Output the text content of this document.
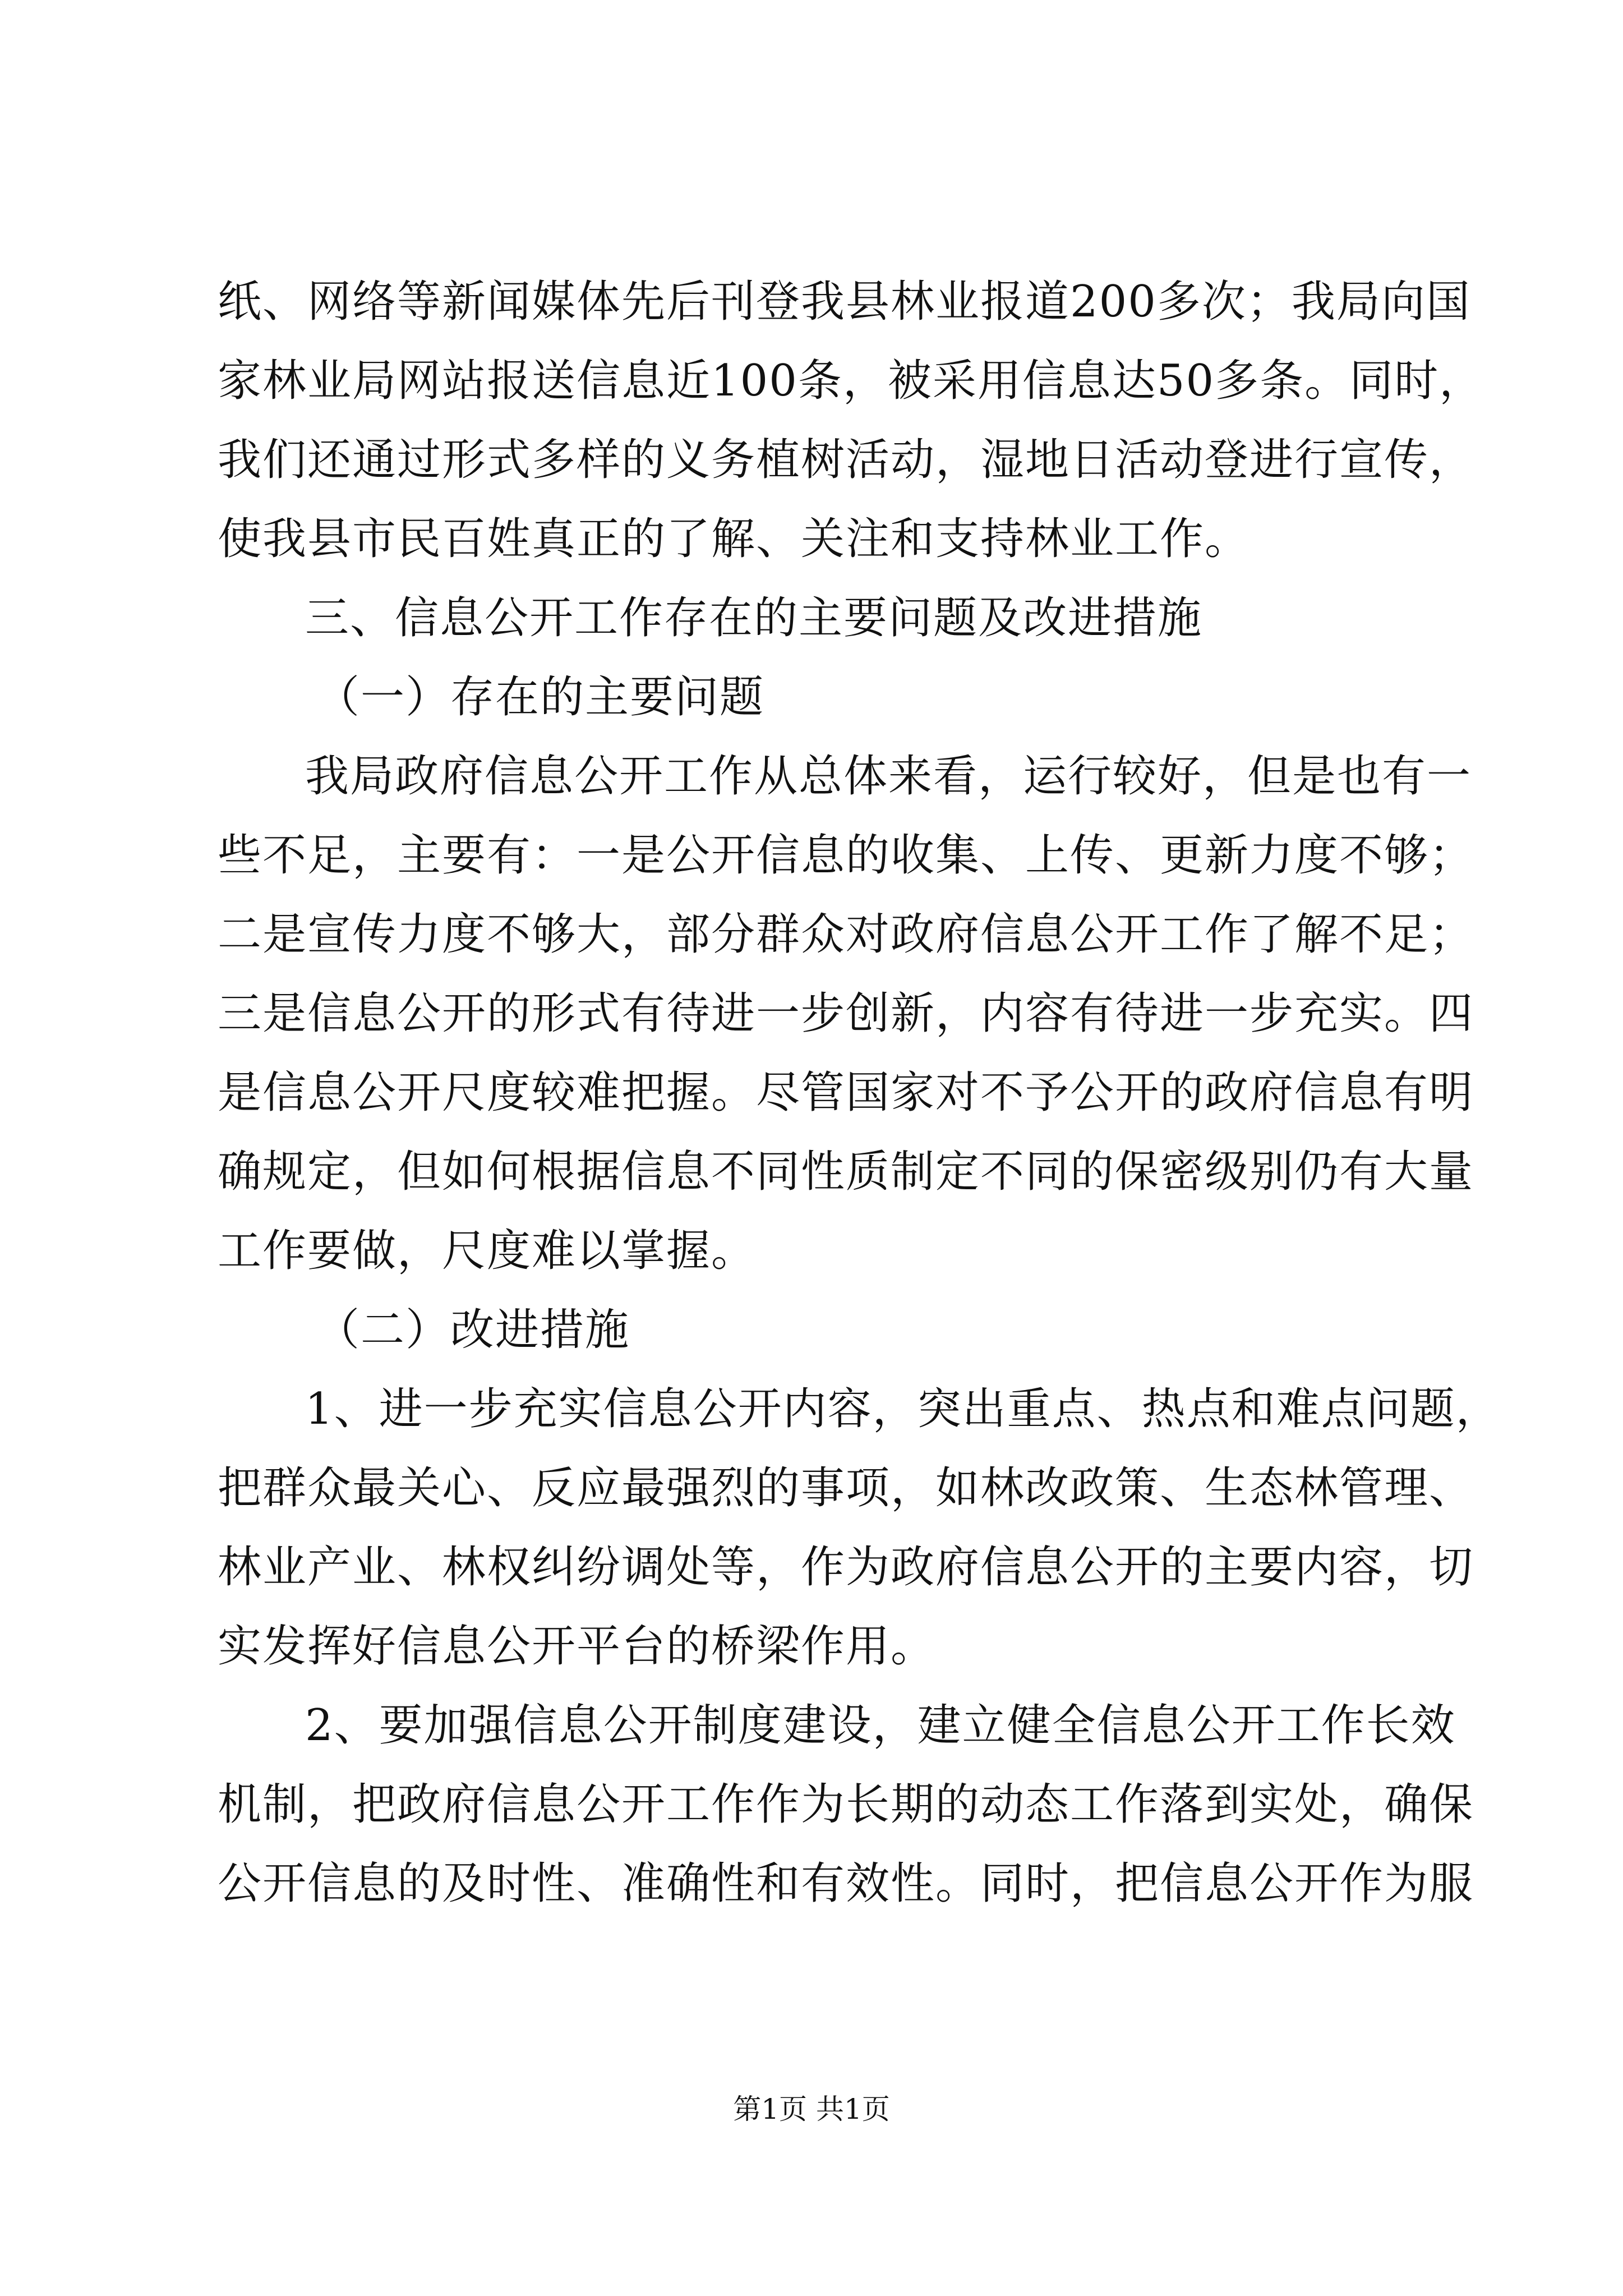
纸、网络等新闻媒体先后刊登我县林业报道200多次；我局向国
家林业局网站报送信息近100条，被采用信息达50多条。同时，
我们还通过形式多样的义务植树活动，湿地日活动登进行宣传，
使我县市民百姓真正的了解、关注和支持林业工作。
三、信息公开工作存在的主要问题及改进措施
（一）存在的主要问题
我局政府信息公开工作从总体来看，运行较好，但是也有一
些不足，主要有：一是公开信息的收集、上传、更新力度不够；
二是宣传力度不够大，部分群众对政府信息公开工作了解不足；
三是信息公开的形式有待进一步创新，内容有待进一步充实。四
是信息公开尺度较难把握。尽管国家对不予公开的政府信息有明
确规定，但如何根据信息不同性质制定不同的保密级别仍有大量
工作要做，尺度难以掌握。
（二）改进措施
1、进一步充实信息公开内容，突出重点、热点和难点问题，
把群众最关心、反应最强烈的事项，如林改政策、生态林管理、
林业产业、林权纠纷调处等，作为政府信息公开的主要内容，切
实发挥好信息公开平台的桥梁作用。
2、要加强信息公开制度建设，建立健全信息公开工作长效
机制，把政府信息公开工作作为长期的动态工作落到实处，确保
公开信息的及时性、准确性和有效性。同时，把信息公开作为服
第1页 共1页
